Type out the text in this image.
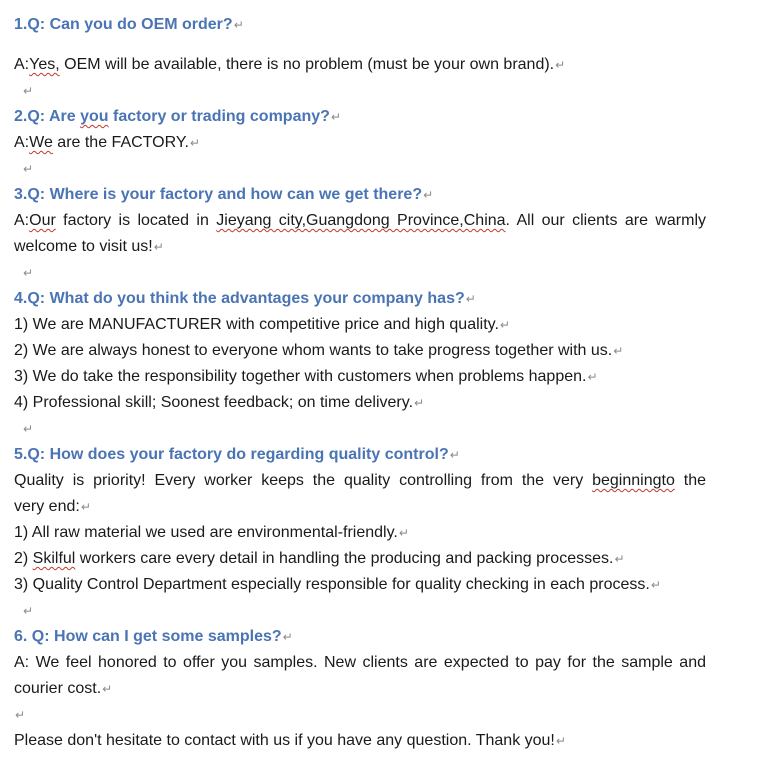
1.Q: Can you do OEM order?↵
A:Yes, OEM will be available, there is no problem (must be your own brand).↵
↵
2.Q: Are you factory or trading company?↵
A:We are the FACTORY.↵
↵
3.Q: Where is your factory and how can we get there?↵
A:Our factory is located in Jieyang city,Guangdong Province,China. All our clients are warmly
welcome to visit us!↵
↵
4.Q: What do you think the advantages your company has?↵
1) We are MANUFACTURER with competitive price and high quality.↵
2) We are always honest to everyone whom wants to take progress together with us.↵
3) We do take the responsibility together with customers when problems happen.↵
4) Professional skill; Soonest feedback; on time delivery.↵
↵
5.Q: How does your factory do regarding quality control?↵
Quality is priority! Every worker keeps the quality controlling from the very beginningto the
very end:↵
1) All raw material we used are environmental-friendly.↵
2) Skilful workers care every detail in handling the producing and packing processes.↵
3) Quality Control Department especially responsible for quality checking in each process.↵
↵
6. Q: How can I get some samples?↵
A: We feel honored to offer you samples. New clients are expected to pay for the sample and
courier cost.↵
↵
Please don't hesitate to contact with us if you have any question. Thank you!↵
